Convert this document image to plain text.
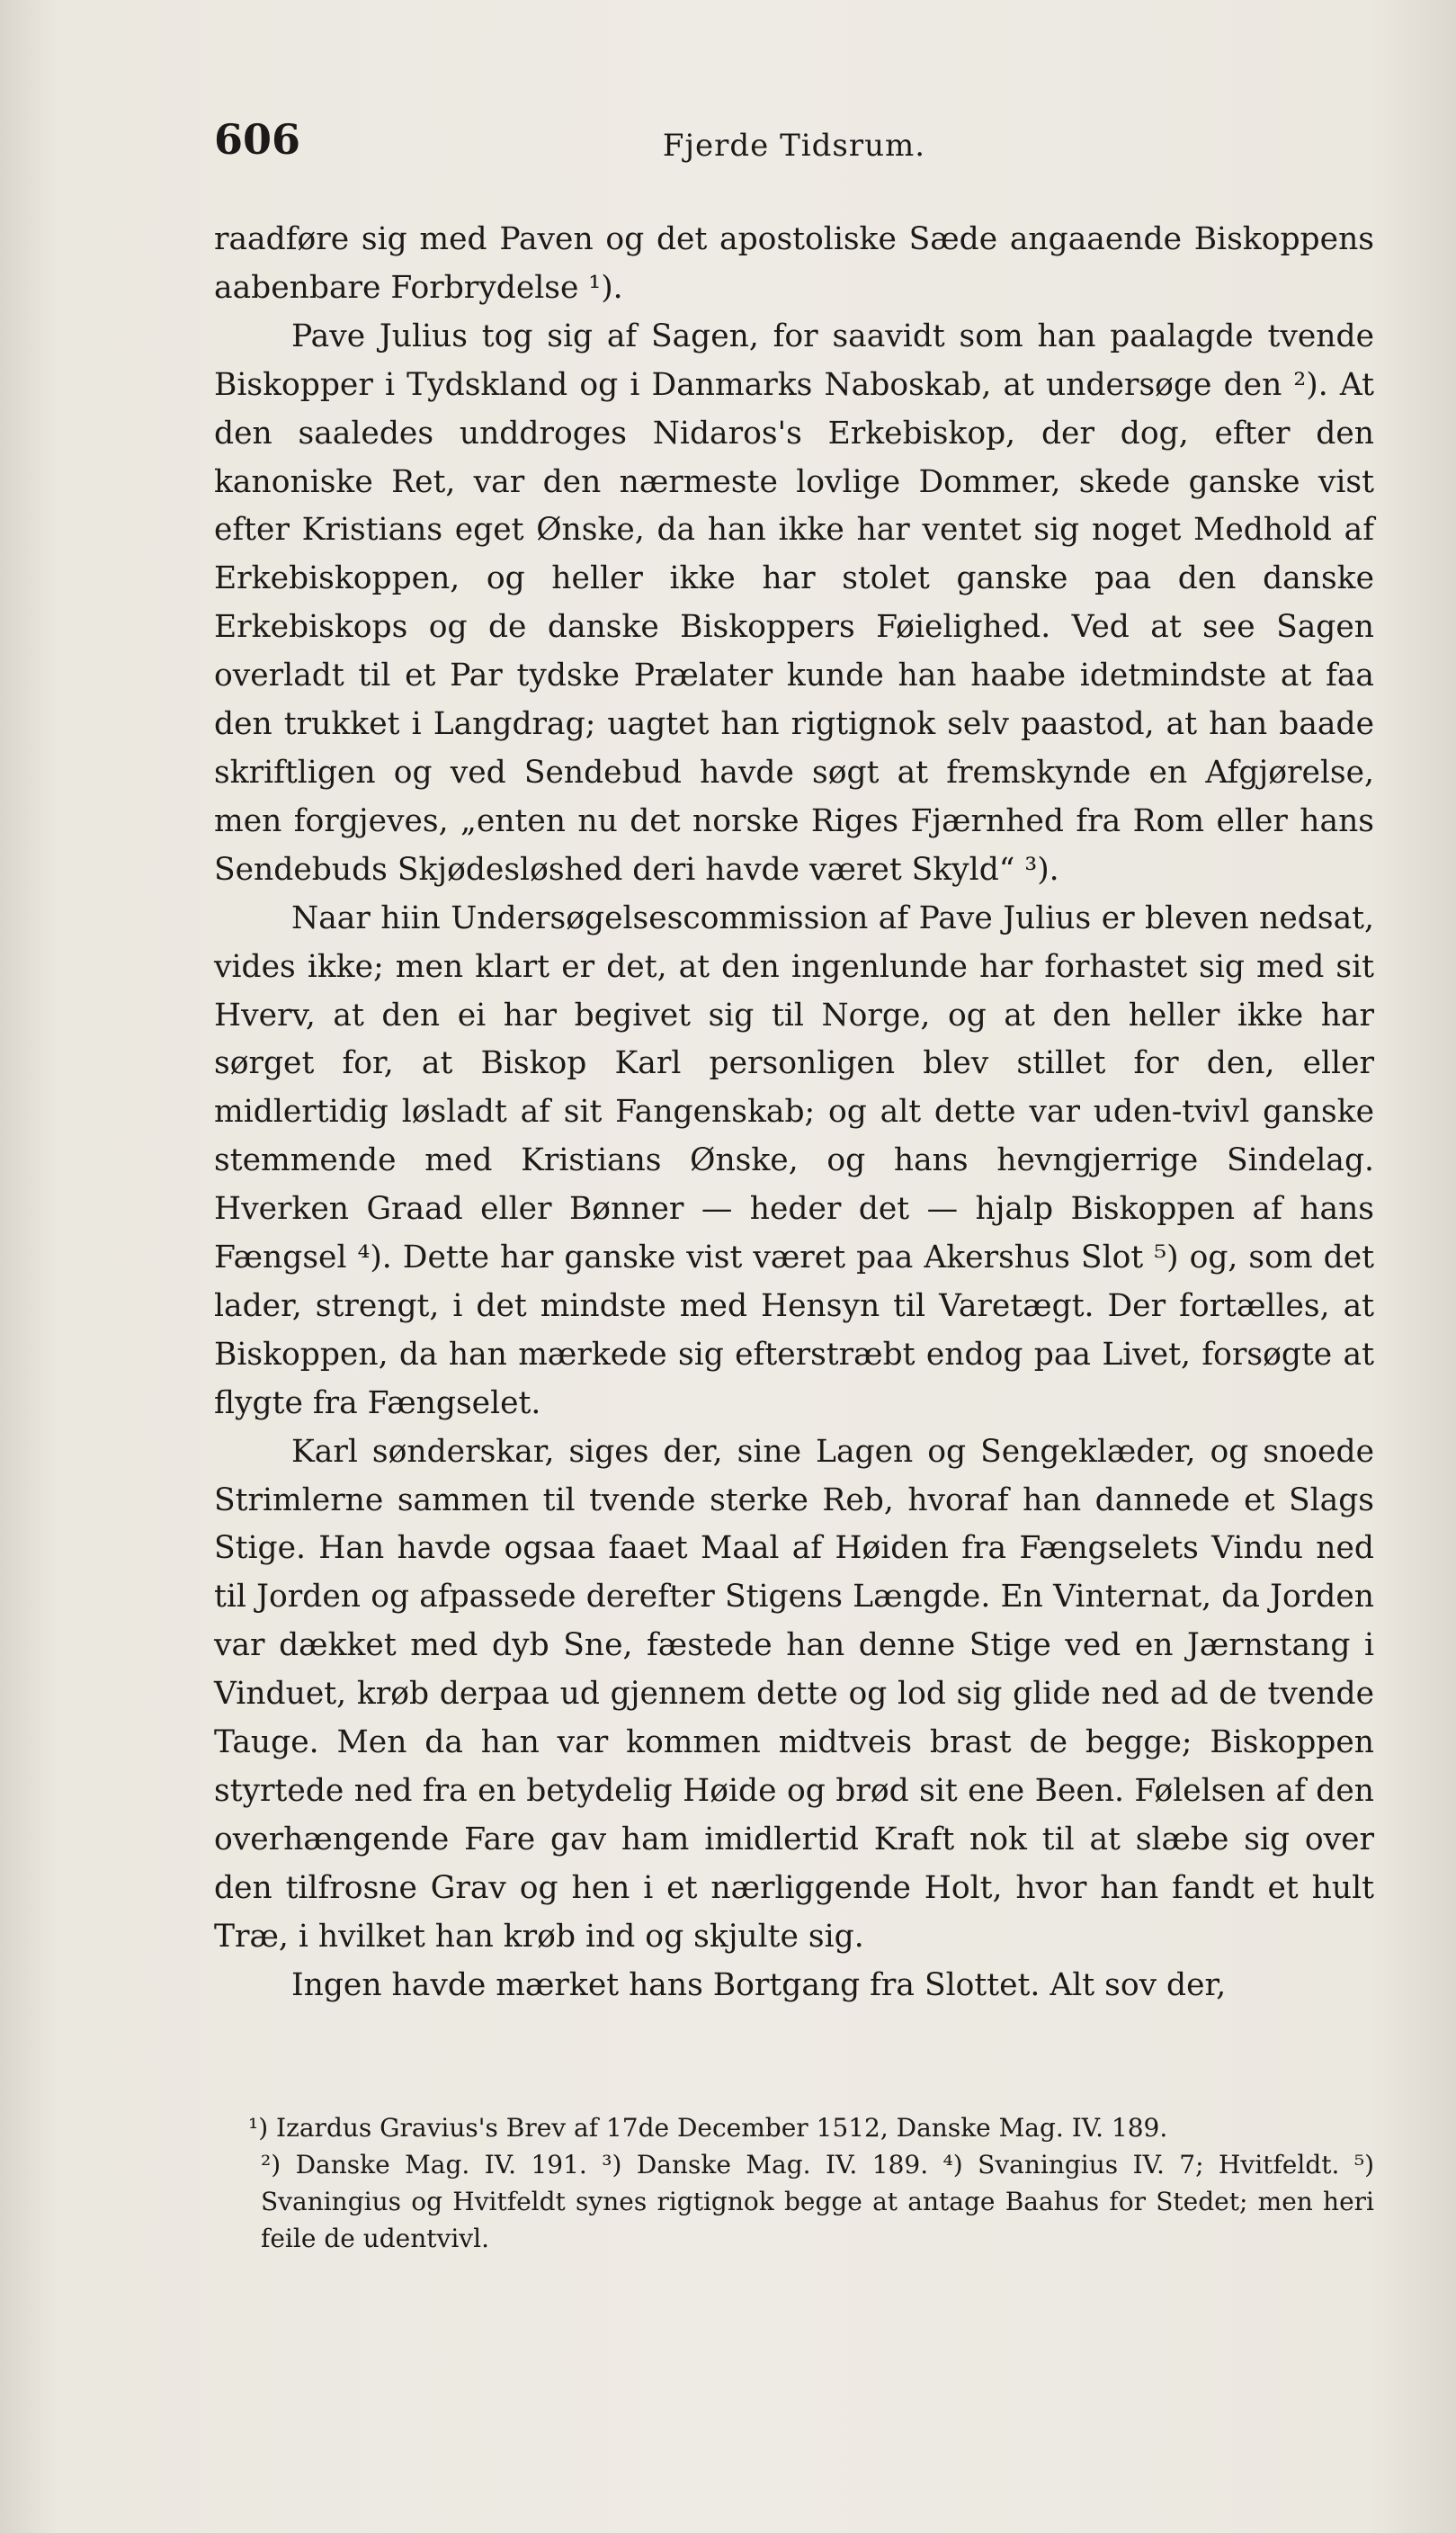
606	Fjerde Tidsrum.

raadføre sig med Paven og det apostoliske Sæde angaaende Biskoppens aabenbare Forbrydelse ¹).

Pave Julius tog sig af Sagen, for saavidt som han paalagde tvende Biskopper i Tydskland og i Danmarks Naboskab, at undersøge den ²). At den saaledes unddroges Nidaros's Erkebiskop, der dog, efter den kanoniske Ret, var den nærmeste lovlige Dommer, skede ganske vist efter Kristians eget Ønske, da han ikke har ventet sig noget Medhold af Erkebiskoppen, og heller ikke har stolet ganske paa den danske Erkebiskops og de danske Biskoppers Føielighed. Ved at see Sagen overladt til et Par tydske Prælater kunde han haabe idetmindste at faa den trukket i Langdrag; uagtet han rigtignok selv paastod, at han baade skriftligen og ved Sendebud havde søgt at fremskynde en Afgjørelse, men forgjeves, „enten nu det norske Riges Fjærnhed fra Rom eller hans Sendebuds Skjødesløshed deri havde været Skyld“ ³).

Naar hiin Undersøgelsescommission af Pave Julius er bleven nedsat, vides ikke; men klart er det, at den ingenlunde har forhastet sig med sit Hverv, at den ei har begivet sig til Norge, og at den heller ikke har sørget for, at Biskop Karl personligen blev stillet for den, eller midlertidig løsladt af sit Fangenskab; og alt dette var uden-tvivl ganske stemmende med Kristians Ønske, og hans hevngjerrige Sindelag. Hverken Graad eller Bønner — heder det — hjalp Biskoppen af hans Fængsel ⁴). Dette har ganske vist været paa Akershus Slot ⁵) og, som det lader, strengt, i det mindste med Hensyn til Varetægt. Der fortælles, at Biskoppen, da han mærkede sig efterstræbt endog paa Livet, forsøgte at flygte fra Fængselet.

Karl sønderskar, siges der, sine Lagen og Sengeklæder, og snoede Strimlerne sammen til tvende sterke Reb, hvoraf han dannede et Slags Stige. Han havde ogsaa faaet Maal af Høiden fra Fængselets Vindu ned til Jorden og afpassede derefter Stigens Længde. En Vinternat, da Jorden var dækket med dyb Sne, fæstede han denne Stige ved en Jærnstang i Vinduet, krøb derpaa ud gjennem dette og lod sig glide ned ad de tvende Tauge. Men da han var kommen midtveis brast de begge; Biskoppen styrtede ned fra en betydelig Høide og brød sit ene Been. Følelsen af den overhængende Fare gav ham imidlertid Kraft nok til at slæbe sig over den tilfrosne Grav og hen i et nærliggende Holt, hvor han fandt et hult Træ, i hvilket han krøb ind og skjulte sig.

Ingen havde mærket hans Bortgang fra Slottet. Alt sov der,

¹) Izardus Gravius's Brev af 17de December 1512, Danske Mag. IV. 189.

²) Danske Mag. IV. 191. ³) Danske Mag. IV. 189. ⁴) Svaningius IV. 7; Hvitfeldt. ⁵) Svaningius og Hvitfeldt synes rigtignok begge at antage Baahus for Stedet; men heri feile de udentvivl.
